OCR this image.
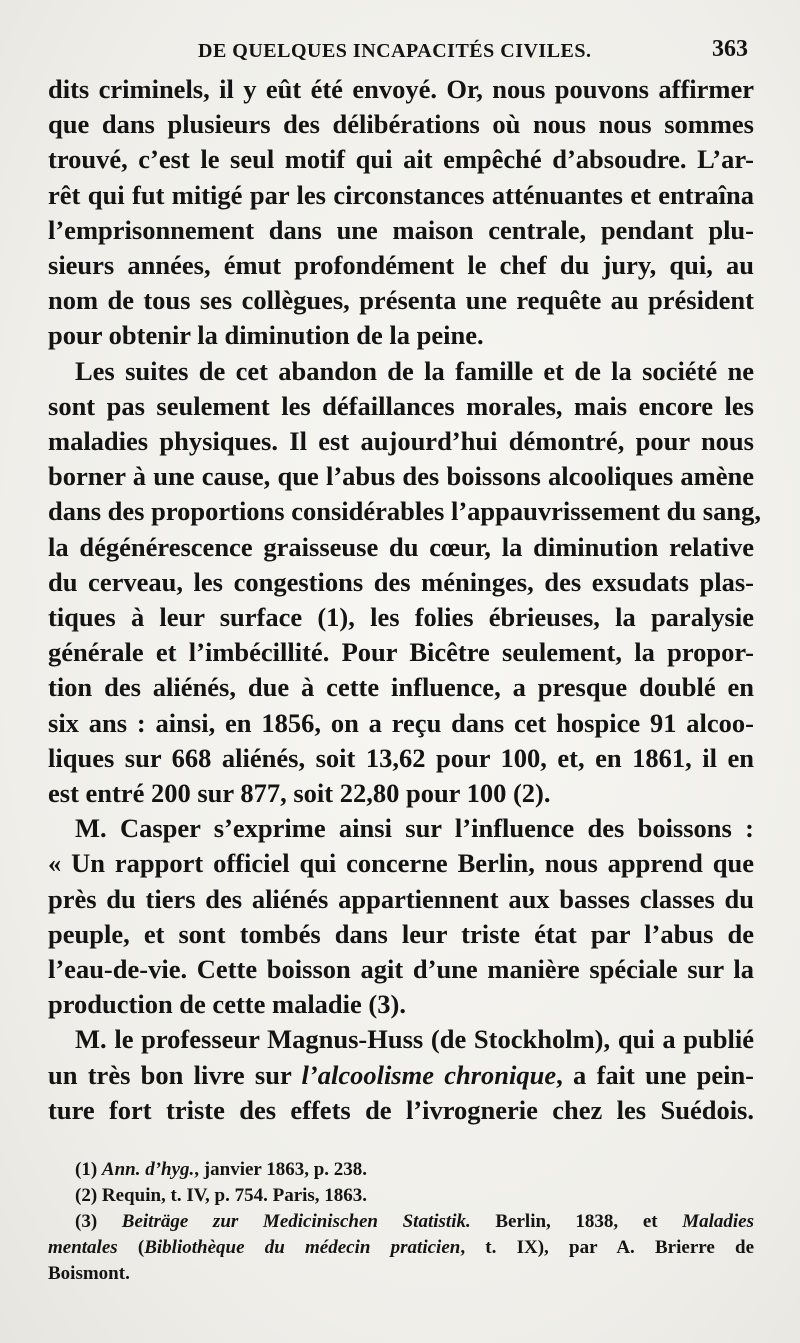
DE QUELQUES INCAPACITÉS CIVILES.	363

dits criminels, il y eût été envoyé. Or, nous pouvons affirmer
que dans plusieurs des délibérations où nous nous sommes
trouvé, c’est le seul motif qui ait empêché d’absoudre. L’ar-
rêt qui fut mitigé par les circonstances atténuantes et entraîna
l’emprisonnement dans une maison centrale, pendant plu-
sieurs années, émut profondément le chef du jury, qui, au
nom de tous ses collègues, présenta une requête au président
pour obtenir la diminution de la peine.

Les suites de cet abandon de la famille et de la société ne
sont pas seulement les défaillances morales, mais encore les
maladies physiques. Il est aujourd’hui démontré, pour nous
borner à une cause, que l’abus des boissons alcooliques amène
dans des proportions considérables l’appauvrissement du sang,
la dégénérescence graisseuse du cœur, la diminution relative
du cerveau, les congestions des méninges, des exsudats plas-
tiques à leur surface (1), les folies ébrieuses, la paralysie
générale et l’imbécillité. Pour Bicêtre seulement, la propor-
tion des aliénés, due à cette influence, a presque doublé en
six ans : ainsi, en 1856, on a reçu dans cet hospice 91 alcoo-
liques sur 668 aliénés, soit 13,62 pour 100, et, en 1861, il en
est entré 200 sur 877, soit 22,80 pour 100 (2).

M. Casper s’exprime ainsi sur l’influence des boissons :
« Un rapport officiel qui concerne Berlin, nous apprend que
près du tiers des aliénés appartiennent aux basses classes du
peuple, et sont tombés dans leur triste état par l’abus de
l’eau-de-vie. Cette boisson agit d’une manière spéciale sur la
production de cette maladie (3).

M. le professeur Magnus-Huss (de Stockholm), qui a publié
un très bon livre sur l’alcoolisme chronique, a fait une pein-
ture fort triste des effets de l’ivrognerie chez les Suédois.

(1) Ann. d’hyg., janvier 1863, p. 238.
(2) Requin, t. IV, p. 754. Paris, 1863.
(3) Beiträge zur Medicinischen Statistik. Berlin, 1838, et Maladies
mentales (Bibliothèque du médecin praticien, t. IX), par A. Brierre de
Boismont.
